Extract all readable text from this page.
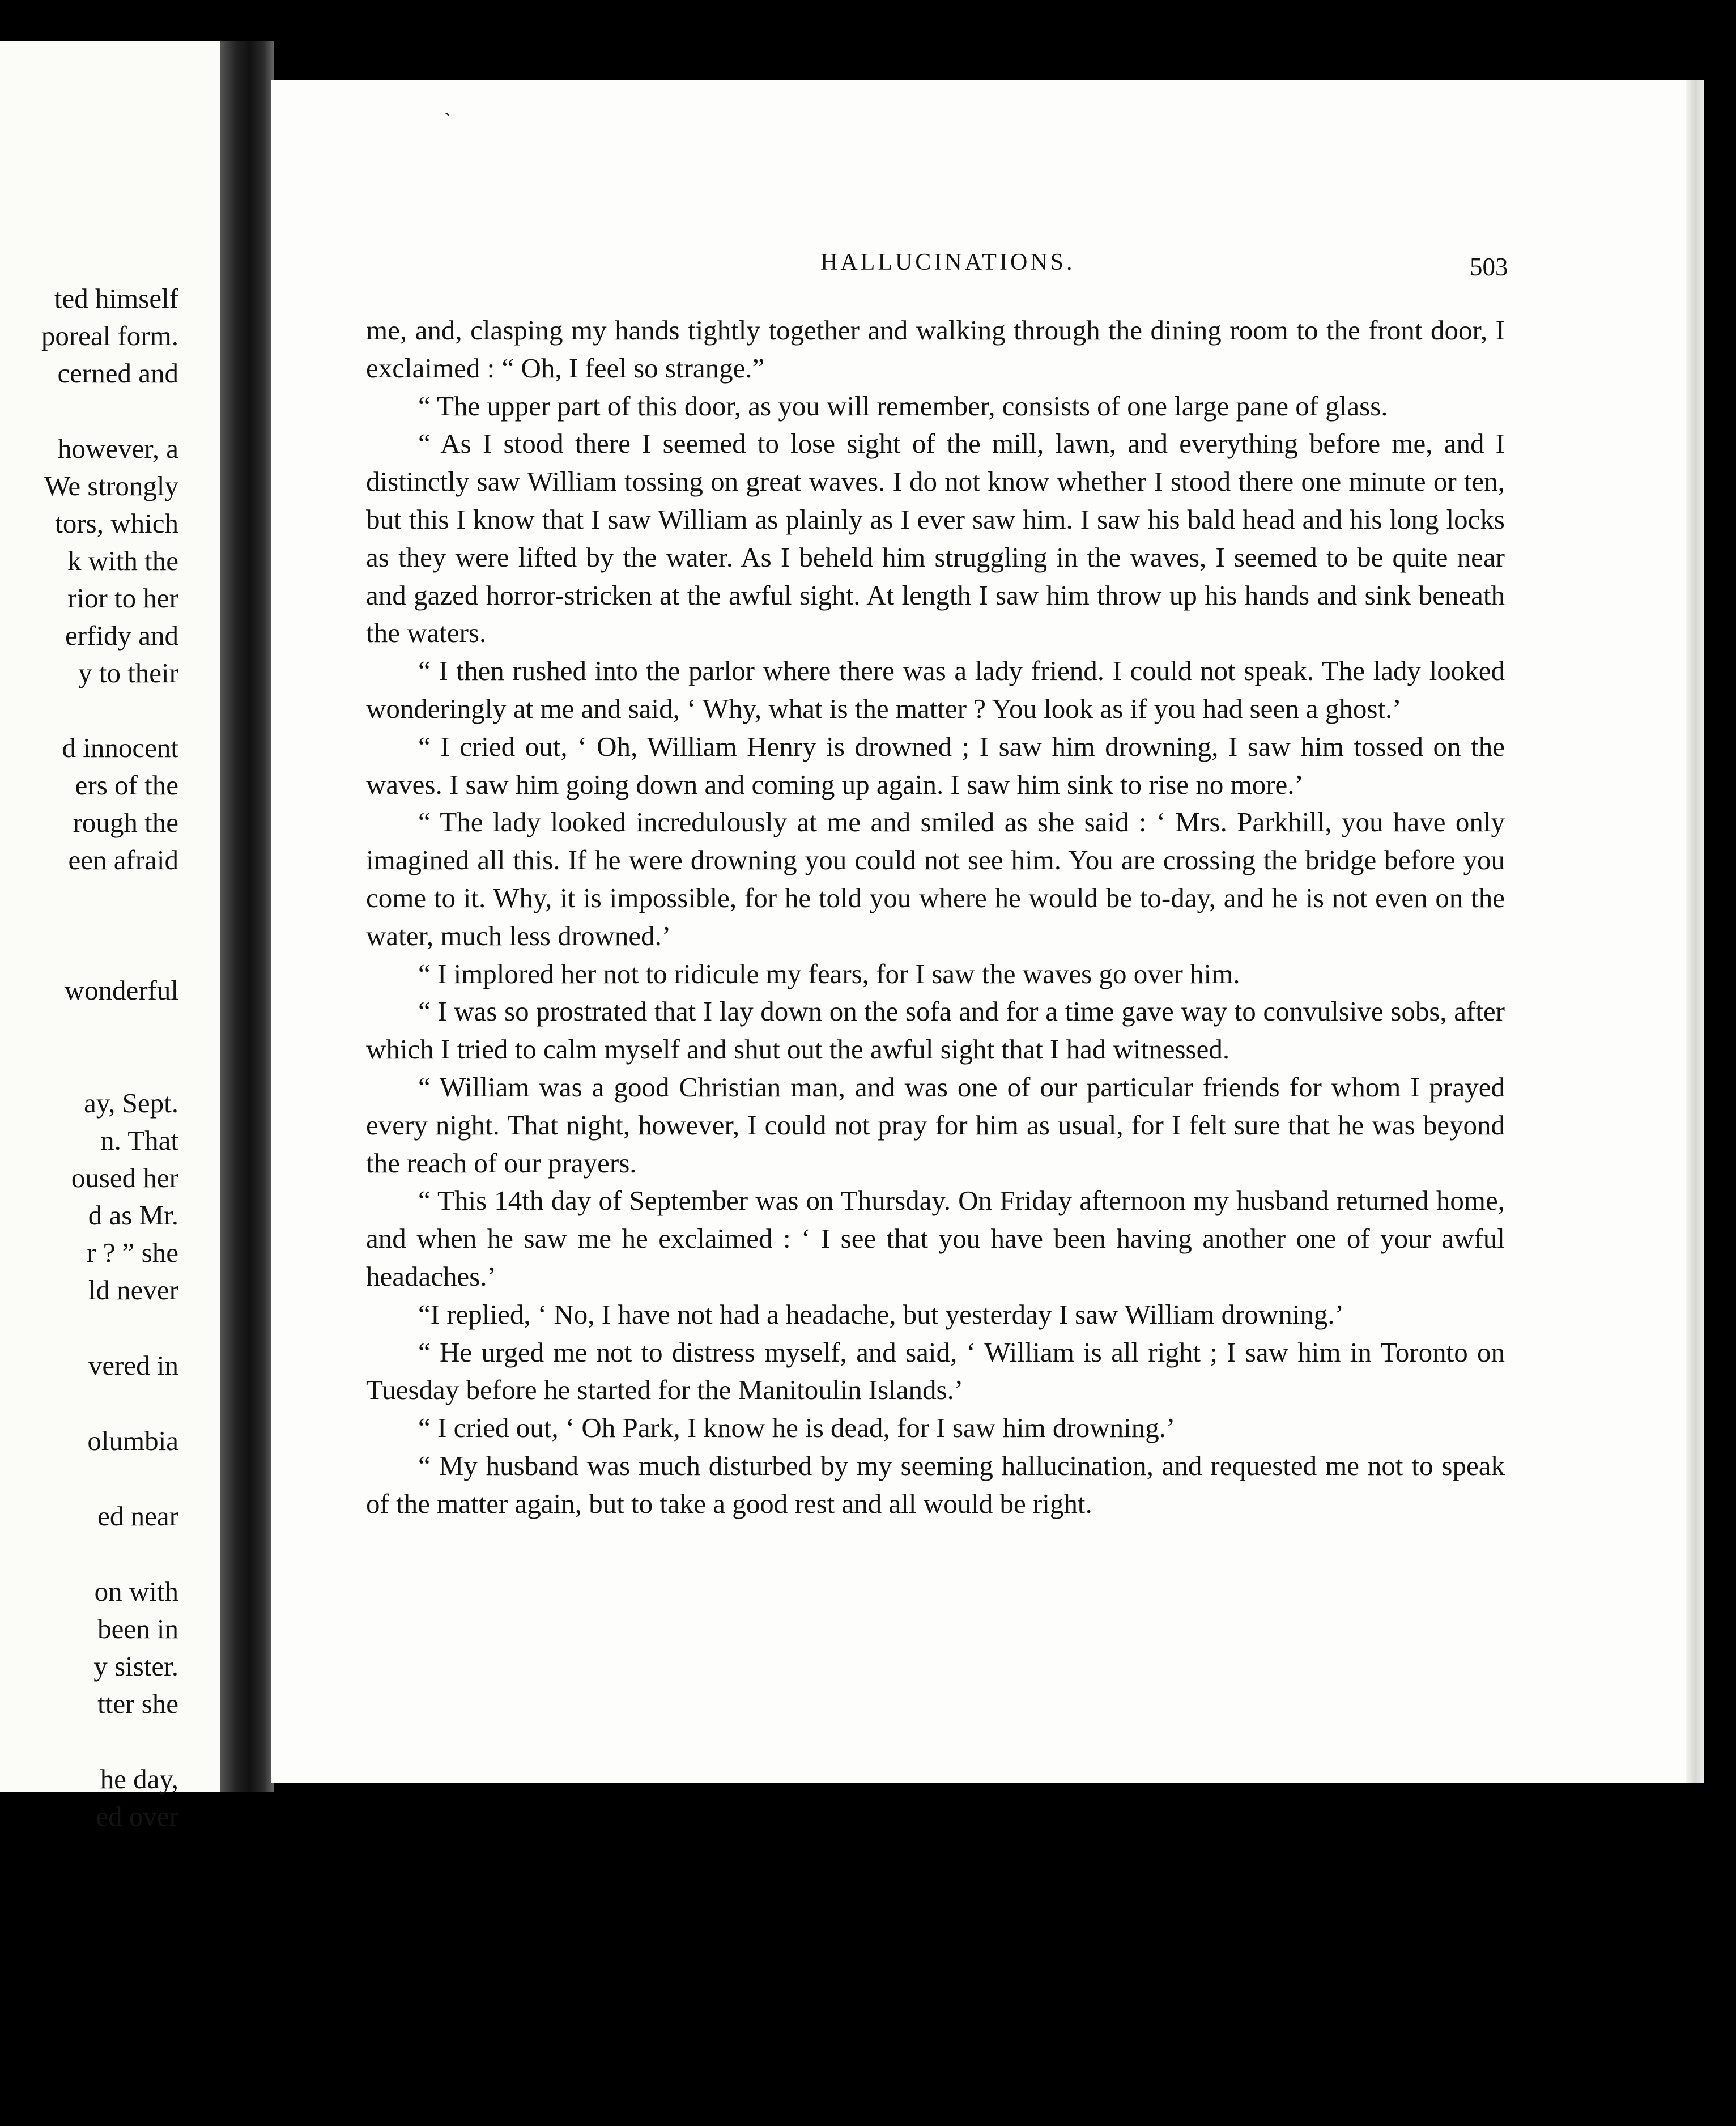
ted himself
poreal form.
cerned and
however, a
We strongly
tors, which
k with the
rior to her
erfidy and
y to their
d innocent
ers of the
rough the
een afraid
wonderful
ay, Sept.
n. That
oused her
d as Mr.
r ? ” she
ld never
vered in
olumbia
ed near
on with
been in
y sister.
tter she
he day,
ed over
HALLUCINATIONS.	503

me, and, clasping my hands tightly together and walking through the dining room to the front door, I exclaimed : “ Oh, I feel so strange.”

“ The upper part of this door, as you will remember, consists of one large pane of glass.

“ As I stood there I seemed to lose sight of the mill, lawn, and everything before me, and I distinctly saw William tossing on great waves. I do not know whether I stood there one minute or ten, but this I know that I saw William as plainly as I ever saw him. I saw his bald head and his long locks as they were lifted by the water. As I beheld him struggling in the waves, I seemed to be quite near and gazed horror-stricken at the awful sight. At length I saw him throw up his hands and sink beneath the waters.

“ I then rushed into the parlor where there was a lady friend. I could not speak. The lady looked wonderingly at me and said, ‘ Why, what is the matter ? You look as if you had seen a ghost.’

“ I cried out, ‘ Oh, William Henry is drowned ; I saw him drowning, I saw him tossed on the waves. I saw him going down and coming up again. I saw him sink to rise no more.’

“ The lady looked incredulously at me and smiled as she said : ‘ Mrs. Parkhill, you have only imagined all this. If he were drowning you could not see him. You are crossing the bridge before you come to it. Why, it is impossible, for he told you where he would be to-day, and he is not even on the water, much less drowned.’

“ I implored her not to ridicule my fears, for I saw the waves go over him.

“ I was so prostrated that I lay down on the sofa and for a time gave way to convulsive sobs, after which I tried to calm myself and shut out the awful sight that I had witnessed.

“ William was a good Christian man, and was one of our particular friends for whom I prayed every night. That night, however, I could not pray for him as usual, for I felt sure that he was beyond the reach of our prayers.

“ This 14th day of September was on Thursday. On Friday afternoon my husband returned home, and when he saw me he exclaimed : ‘ I see that you have been having another one of your awful headaches.’

“I replied, ‘ No, I have not had a headache, but yesterday I saw William drowning.’

“ He urged me not to distress myself, and said, ‘ William is all right ; I saw him in Toronto on Tuesday before he started for the Manitoulin Islands.’

“ I cried out, ‘ Oh Park, I know he is dead, for I saw him drowning.’

“ My husband was much disturbed by my seeming hallucination, and requested me not to speak of the matter again, but to take a good rest and all would be right.

`
